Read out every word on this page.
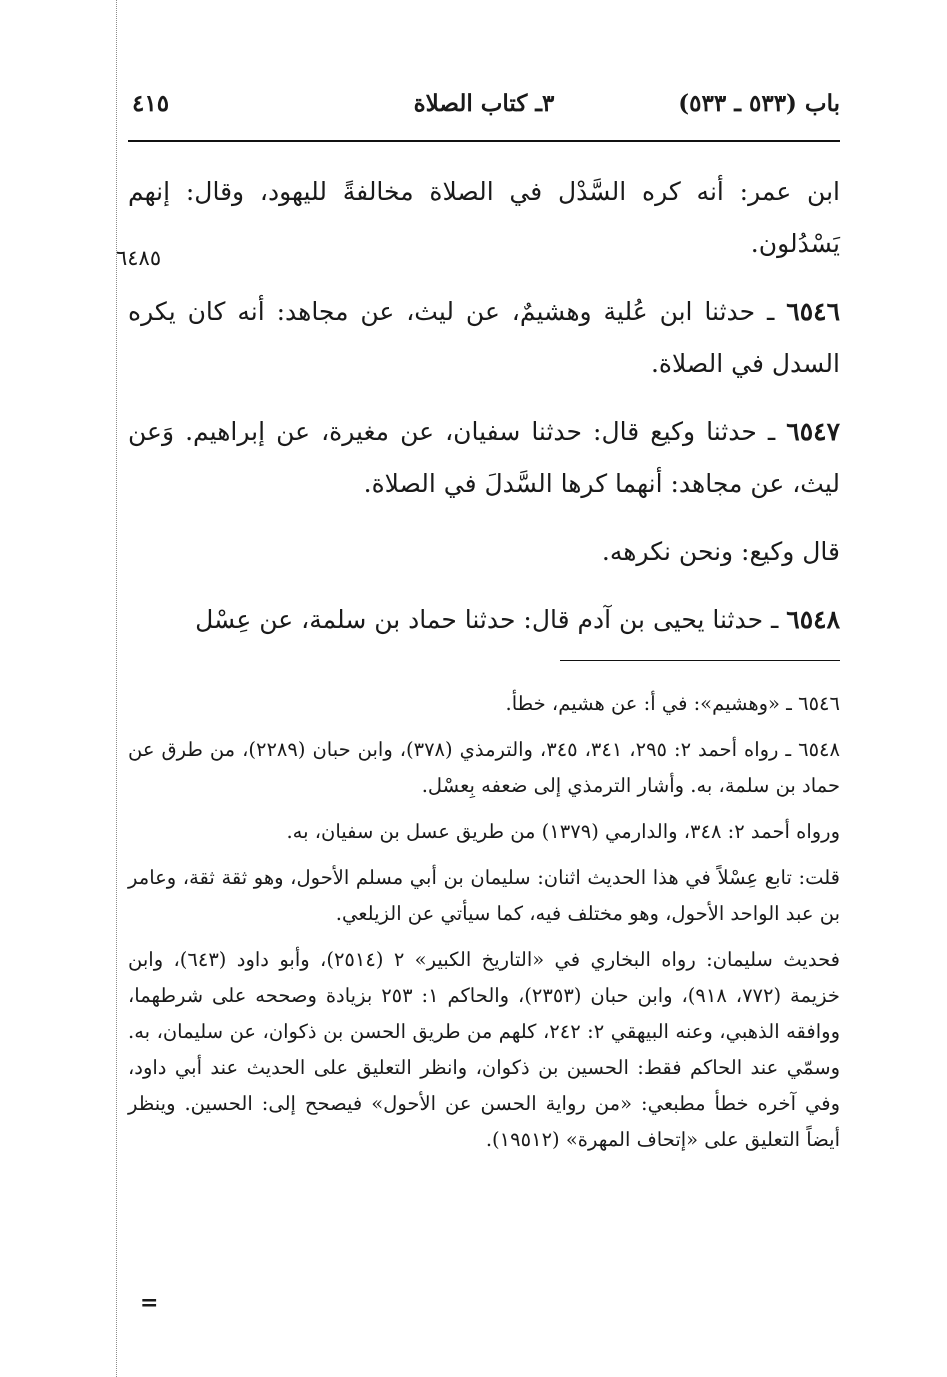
باب (٥٣٣ ـ ٥٣٣)
٣ـ كتاب الصلاة
٤١٥
٦٤٨٥

ابن عمر: أنه كره السَّدْل في الصلاة مخالفةً لليهود، وقال: إنهم يَسْدُلون.

٦٥٤٦ ـ حدثنا ابن عُلية وهشيمٌ، عن ليث، عن مجاهد: أنه كان يكره السدل في الصلاة.

٦٥٤٧ ـ حدثنا وكيع قال: حدثنا سفيان، عن مغيرة، عن إبراهيم. وَعن ليث، عن مجاهد: أنهما كرها السَّدلَ في الصلاة.

قال وكيع: ونحن نكرهه.

٦٥٤٨ ـ حدثنا يحيى بن آدم قال: حدثنا حماد بن سلمة، عن عِسْل

٦٥٤٦ ـ «وهشيم»: في أ: عن هشيم، خطأ.

٦٥٤٨ ـ رواه أحمد ٢: ٢٩٥، ٣٤١، ٣٤٥، والترمذي (٣٧٨)، وابن حبان (٢٢٨٩)، من طرق عن حماد بن سلمة، به. وأشار الترمذي إلى ضعفه بِعسْل.

ورواه أحمد ٢: ٣٤٨، والدارمي (١٣٧٩) من طريق عسل بن سفيان، به.

قلت: تابع عِسْلاً في هذا الحديث اثنان: سليمان بن أبي مسلم الأحول، وهو ثقة ثقة، وعامر بن عبد الواحد الأحول، وهو مختلف فيه، كما سيأتي عن الزيلعي.

فحديث سليمان: رواه البخاري في «التاريخ الكبير» ٢ (٢٥١٤)، وأبو داود (٦٤٣)، وابن خزيمة (٧٧٢، ٩١٨)، وابن حبان (٢٣٥٣)، والحاكم ١: ٢٥٣ بزيادة وصححه على شرطهما، ووافقه الذهبي، وعنه البيهقي ٢: ٢٤٢، كلهم من طريق الحسن بن ذكوان، عن سليمان، به. وسمّي عند الحاكم فقط: الحسين بن ذكوان، وانظر التعليق على الحديث عند أبي داود، وفي آخره خطأ مطبعي: «من رواية الحسن عن الأحول» فيصحح إلى: الحسين. وينظر أيضاً التعليق على «إتحاف المهرة» (١٩٥١٢).

=
